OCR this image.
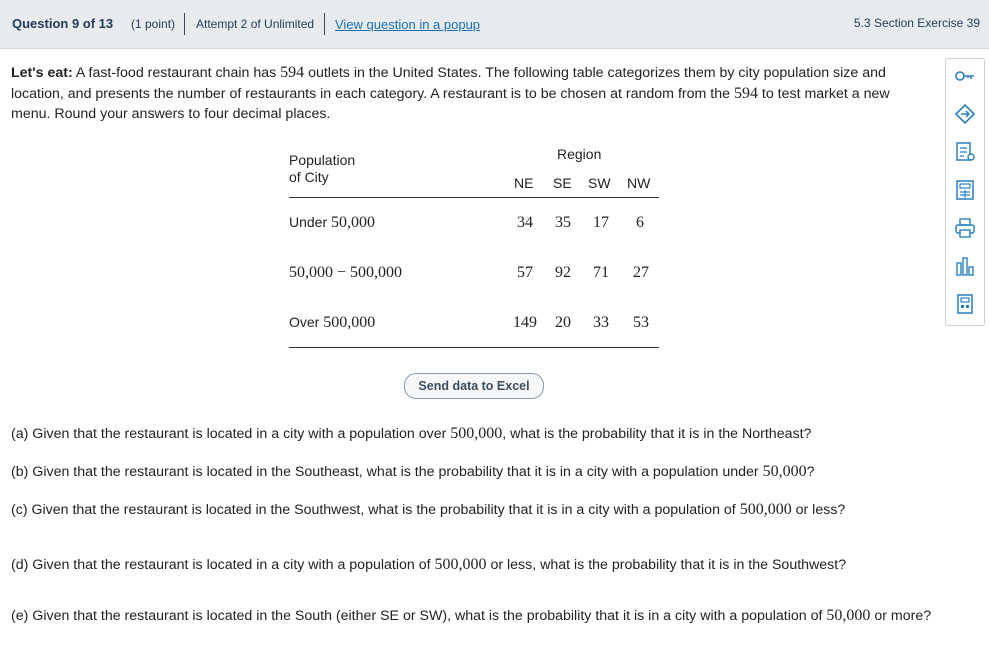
Question 9 of 13 (1 point) Attempt 2 of Unlimited View question in a popup	5.3 Section Exercise 39
Let's eat: A fast-food restaurant chain has 594 outlets in the United States. The following table categorizes them by city population size and location, and presents the number of restaurants in each category. A restaurant is to be chosen at random from the 594 to test market a new menu. Round your answers to four decimal places.
Population
of City
Region
NE SE SW NW
Under 50,000	34	35	17	6
50,000 − 500,000	57	92	71	27
Over 500,000	149	20	33	53
Send data to Excel
(a) Given that the restaurant is located in a city with a population over 500,000, what is the probability that it is in the Northeast?
(b) Given that the restaurant is located in the Southeast, what is the probability that it is in a city with a population under 50,000?
(c) Given that the restaurant is located in the Southwest, what is the probability that it is in a city with a population of 500,000 or less?
(d) Given that the restaurant is located in a city with a population of 500,000 or less, what is the probability that it is in the Southwest?
(e) Given that the restaurant is located in the South (either SE or SW), what is the probability that it is in a city with a population of 50,000 or more?
